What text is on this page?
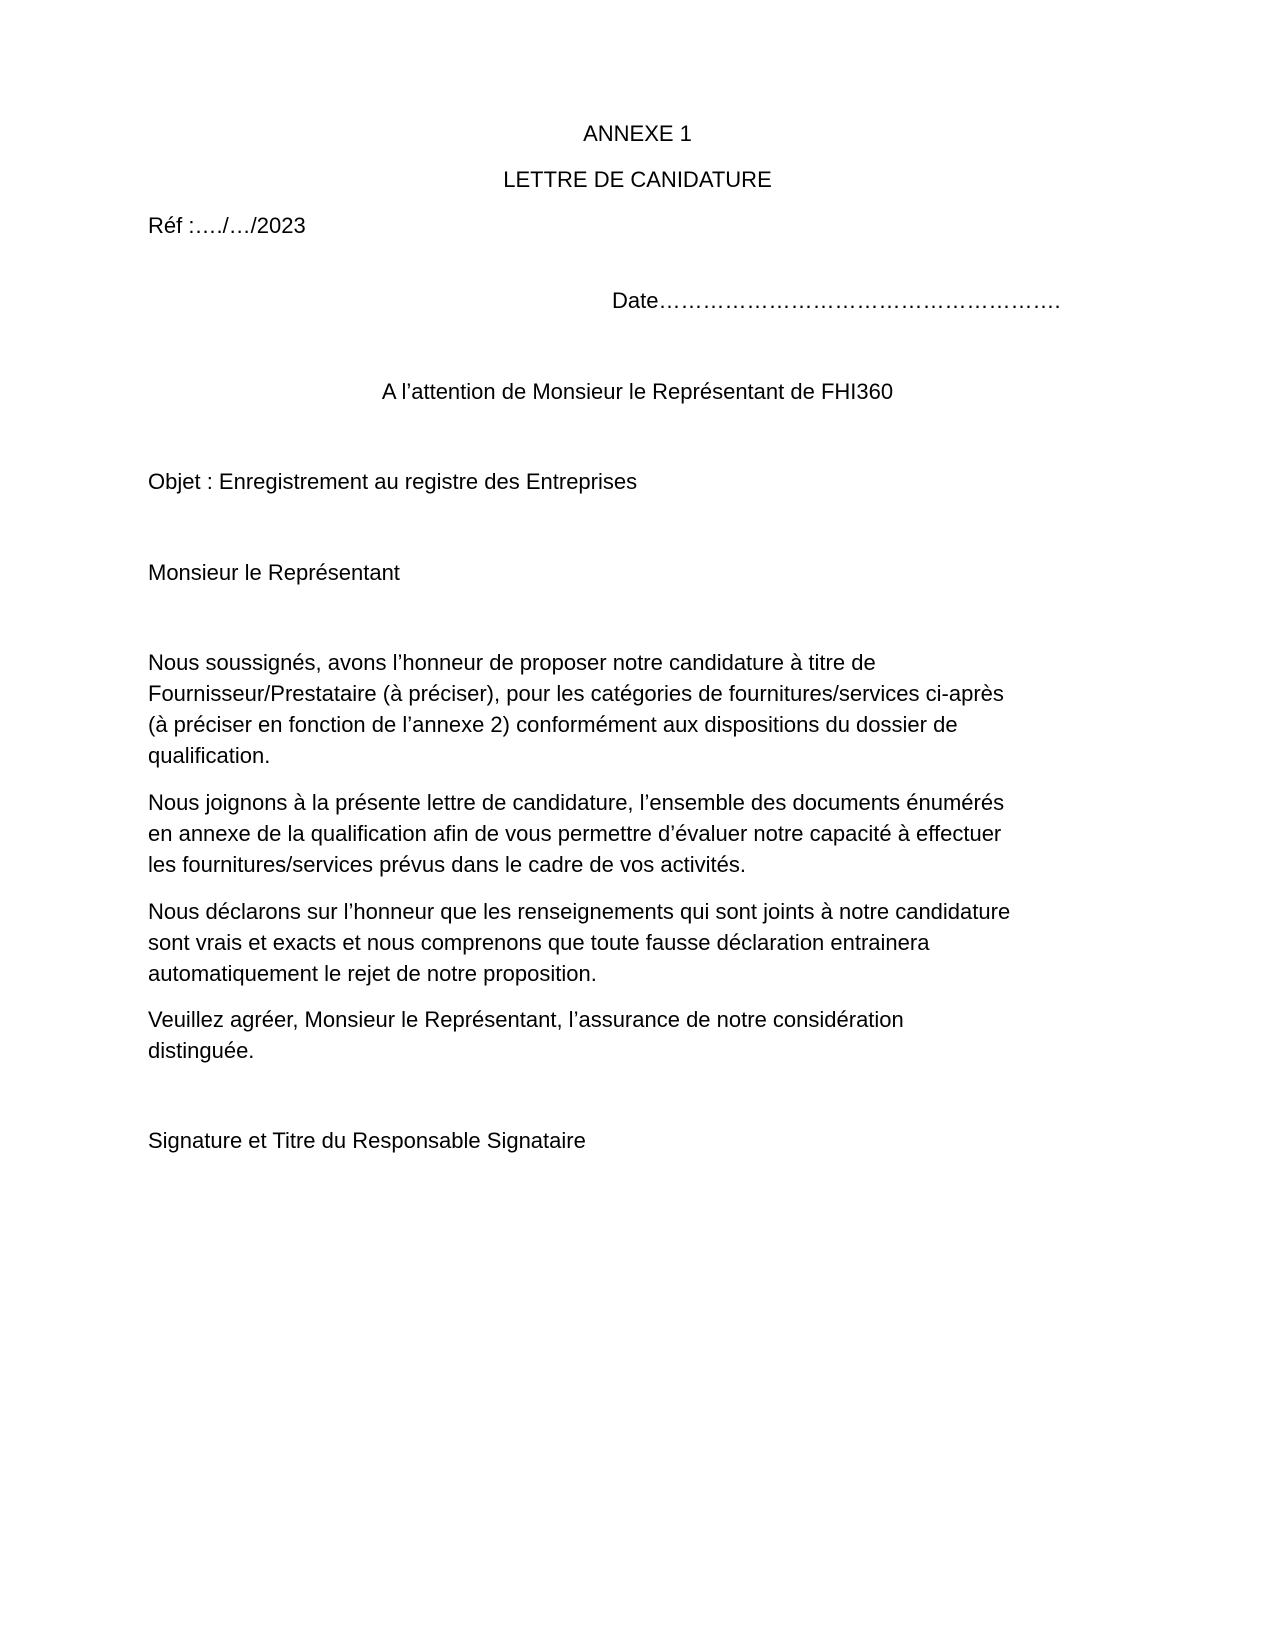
ANNEXE 1

LETTRE DE CANIDATURE

Réf :…./…/2023

Date……………………………………………….

A l’attention de Monsieur le Représentant de FHI360

Objet : Enregistrement au registre des Entreprises

Monsieur le Représentant

Nous soussignés, avons l’honneur de proposer notre candidature à titre de
Fournisseur/Prestataire (à préciser), pour les catégories de fournitures/services ci-après
(à préciser en fonction de l’annexe 2) conformément aux dispositions du dossier de
qualification.
Nous joignons à la présente lettre de candidature, l’ensemble des documents énumérés
en annexe de la qualification afin de vous permettre d’évaluer notre capacité à effectuer
les fournitures/services prévus dans le cadre de vos activités.
Nous déclarons sur l’honneur que les renseignements qui sont joints à notre candidature
sont vrais et exacts et nous comprenons que toute fausse déclaration entrainera
automatiquement le rejet de notre proposition.
Veuillez agréer, Monsieur le Représentant, l’assurance de notre considération
distinguée.

Signature et Titre du Responsable Signataire
